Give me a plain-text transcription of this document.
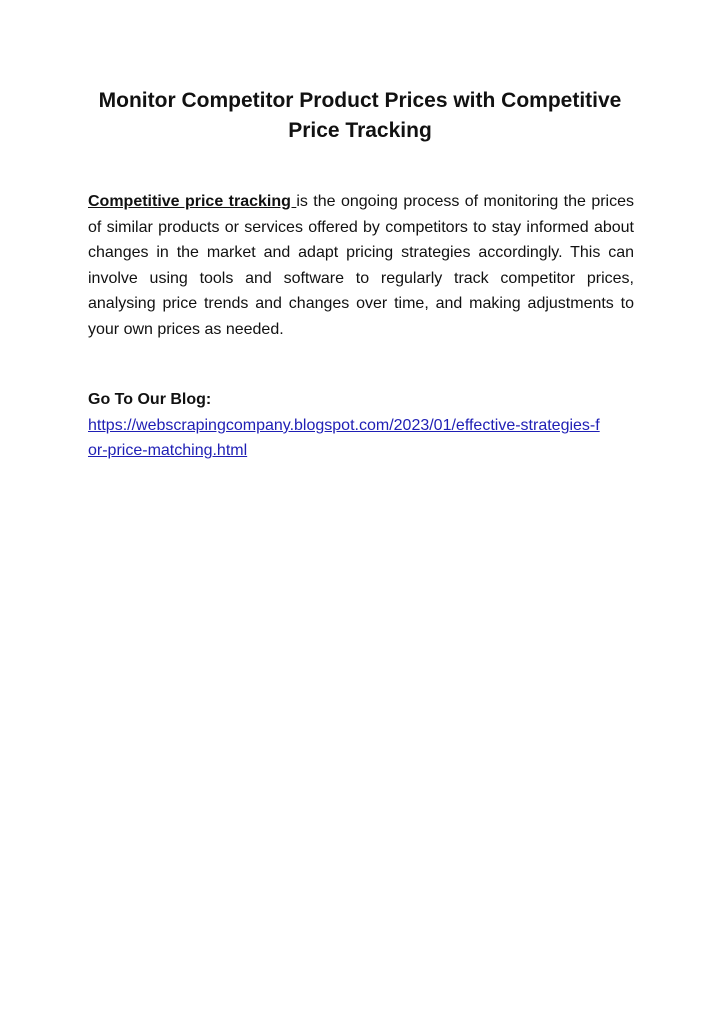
Monitor Competitor Product Prices with Competitive Price Tracking

Competitive price tracking is the ongoing process of monitoring the prices of similar products or services offered by competitors to stay informed about changes in the market and adapt pricing strategies accordingly. This can involve using tools and software to regularly track competitor prices, analysing price trends and changes over time, and making adjustments to your own prices as needed.

Go To Our Blog:

https://webscrapingcompany.blogspot.com/2023/01/effective-strategies-for-price-matching.html
